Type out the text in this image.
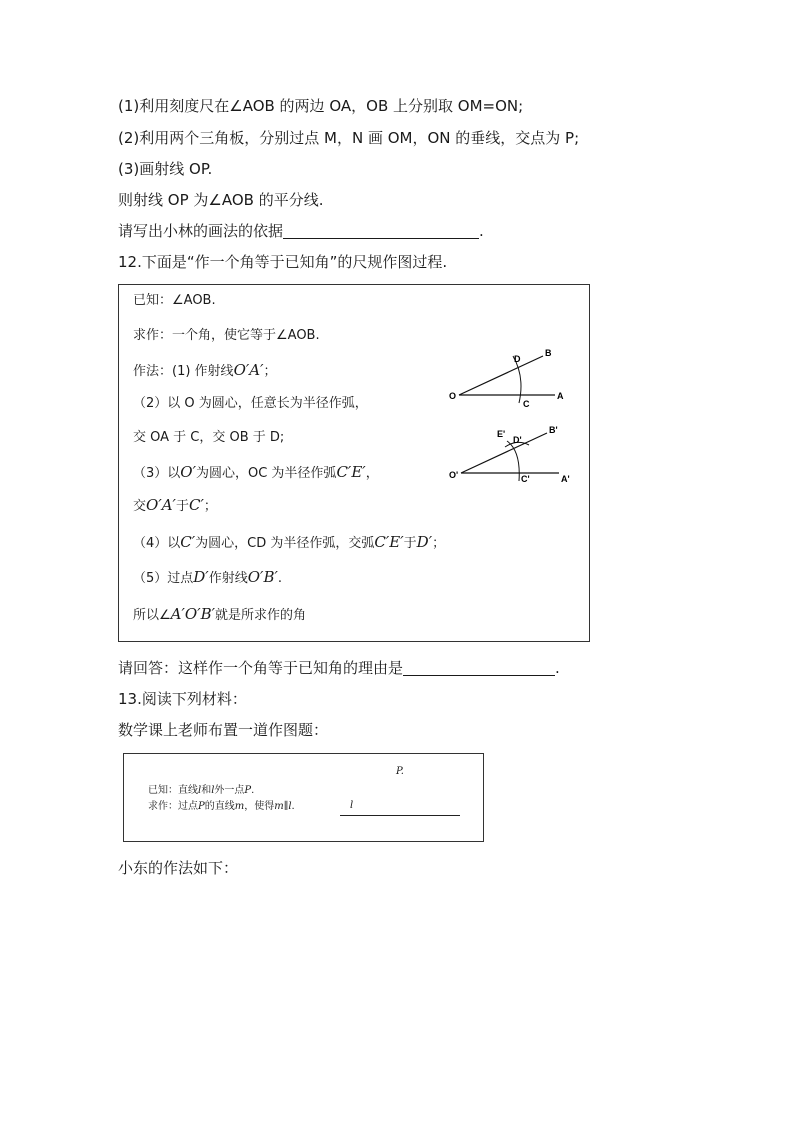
(1)利用刻度尺在∠AOB 的两边 OA，OB 上分别取 OM=ON;
(2)利用两个三角板，分别过点 M，N 画 OM，ON 的垂线，交点为 P;
(3)画射线 OP.
则射线 OP 为∠AOB 的平分线.
请写出小林的画法的依据	.
12.下面是“作一个角等于已知角”的尺规作图过程.
已知：∠AOB.
求作：一个角，使它等于∠AOB.
作法：(1) 作射线O′A′；
（2）以 O 为圆心，任意长为半径作弧，
交 OA 于 C，交 OB 于 D;
（3）以O′为圆心，OC 为半径作弧C′E′，
交O′A′于C′；
（4）以C′为圆心，CD 为半径作弧，交弧C′E′于D′；
（5）过点D′作射线O′B′.
所以∠A′O′B′就是所求作的角
O	A
B
C
D
O'	A'
B'
C'
D'
E'
请回答：这样作一个角等于已知角的理由是	.
13.阅读下列材料：
数学课上老师布置一道作图题：
已知：直线l和l外一点P.
求作：过点P的直线m，使得m∥l.
P.
l
小东的作法如下：
